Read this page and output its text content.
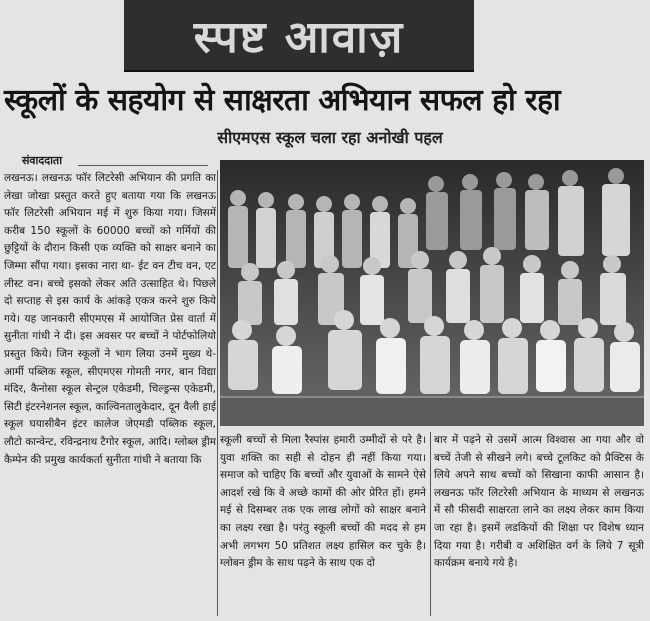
स्पष्ट आवाज़
स्कूलों के सहयोग से साक्षरता अभियान सफल हो रहा
सीएमएस स्कूल चला रहा अनोखी पहल
संवाददाता

लखनऊ। लखनऊ फॉर लिटरेसी अभियान की प्रगति का लेखा जोखा प्रस्तुत करते हुए बताया गया कि लखनऊ फॉर लिटरेसी अभियान मई में शुरु किया गया। जिसमें करीब 150 स्कूलों के 60000 बच्चों को गर्मियों की छुट्टियों के दौरान किसी एक व्यक्ति को साक्षर बनाने का जिम्मा सौंपा गया। इसका नारा था- ईट वन टीच वन, एट लीस्ट वन। बच्चे इसको लेकर अति उत्साहित थे। पिछले दो सप्ताह से इस कार्य के आंकड़े एकत्र करने शुरु किये गये। यह जानकारी सीएमएस में आयोजित प्रेस वार्ता में सुनीता गांधी ने दी। इस अवसर पर बच्चों ने पोर्टफोलियो प्रस्तुत किये। जिन स्कूलों ने भाग लिया उनमें मुख्य थे- आर्मी पब्लिक स्कूल, सीएमएस गोमती नगर, बान विद्या मंदिर, कैनोसा स्कूल सेन्ट्रल एकेडमी, चिल्ड्रन्स एकेडमी, सिटी इंटरनेशनल स्कूल, काल्विनतालुकेदार, दून वैली हाई स्कूल घयासीबैन इंटर कालेज जेएमडी पब्लिक स्कूल, लौटो कान्वेन्ट, रविन्द्रनाथ टैगोर स्कूल, आदि। ग्लोब्ल ड्रीम कैम्पेन की प्रमुख कार्यकर्ता सुनीता गांधी ने बताया कि

स्कूली बच्चों से मिला रैस्पांस हमारी उम्मीदों से परे है। युवा शक्ति का सही से दोहन ही नहीं किया गया। समाज को चाहिए कि बच्चों और युवाओं के सामने ऐसे आदर्श रखे कि वे अच्छे कामों की ओर प्रेरित हों। हमने मई से दिसम्बर तक एक लाख लोगों को साक्षर बनाने का लक्ष्य रखा है। परंतु स्कूली बच्चों की मदद से हम अभी लगभग 50 प्रतिशत लक्ष्य हासिल कर चुके है। ग्लोबन ड्रीम के साथ पढ़ने के साथ एक दो

बार में पढ़ने से उसमें आत्म विश्वास आ गया और वो बच्चें तेजी से सीखने लगे। बच्चे टूलकिट को प्रैक्टिस के लिये अपने साथ बच्चों को सिखाना काफी आसान है। लखनऊ फॉर लिटरेसी अभियान के माध्यम से लखनऊ में सौ फीसदी साक्षरता लाने का लक्ष्य लेकर काम किया जा रहा है। इसमें लडकियों की शिक्षा पर विशेष ध्यान दिया गया है। गरीबी व अशिक्षित वर्ग के लिये 7 सूत्री कार्यक्रम बनाये गये है।
